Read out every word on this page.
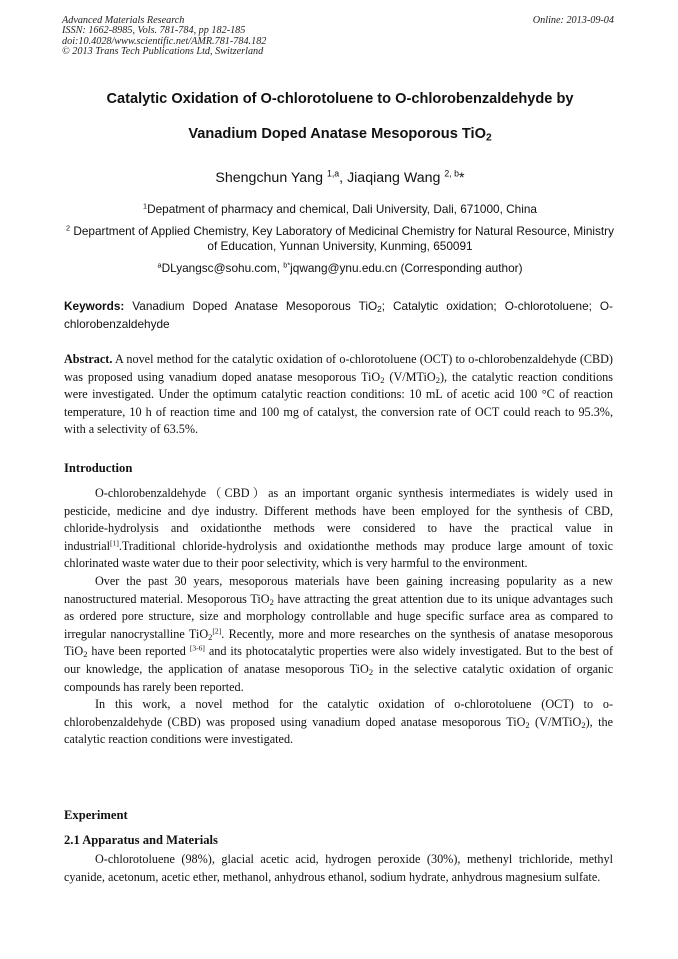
Advanced Materials Research
ISSN: 1662-8985, Vols. 781-784, pp 182-185
doi:10.4028/www.scientific.net/AMR.781-784.182
© 2013 Trans Tech Publications Ltd, Switzerland
Online: 2013-09-04
Catalytic Oxidation of O-chlorotoluene to O-chlorobenzaldehyde by
Vanadium Doped Anatase Mesoporous TiO$_2$
Shengchun Yang $^{1,a}$, Jiaqiang Wang $^{2, b}$*
$^1$Depatment of pharmacy and chemical, Dali University, Dali, 671000, China
$^2$ Department of Applied Chemistry, Key Laboratory of Medicinal Chemistry for Natural Resource, Ministry of Education, Yunnan University, Kunming, 650091
$^a$DLyangsc@sohu.com, $^{b*}$jqwang@ynu.edu.cn (Corresponding author)
Keywords: Vanadium Doped Anatase Mesoporous TiO$_2$; Catalytic oxidation; O-chlorotoluene; O-chlorobenzaldehyde
Abstract. A novel method for the catalytic oxidation of o-chlorotoluene (OCT) to o-chlorobenzaldehyde (CBD) was proposed using vanadium doped anatase mesoporous TiO$_2$ (V/MTiO$_2$), the catalytic reaction conditions were investigated. Under the optimum catalytic reaction conditions: 10 mL of acetic acid 100 °C of reaction temperature, 10 h of reaction time and 100 mg of catalyst, the conversion rate of OCT could reach to 95.3%, with a selectivity of 63.5%.
Introduction

O-chlorobenzaldehyde（CBD）as an important organic synthesis intermediates is widely used in pesticide, medicine and dye industry. Different methods have been employed for the synthesis of CBD, chloride-hydrolysis and oxidationthe methods were considered to have the practical value in industrial[1].Traditional chloride-hydrolysis and oxidationthe methods may produce large amount of toxic chlorinated waste water due to their poor selectivity, which is very harmful to the environment.

Over the past 30 years, mesoporous materials have been gaining increasing popularity as a new nanostructured material. Mesoporous TiO$_2$ have attracting the great attention due to its unique advantages such as ordered pore structure, size and morphology controllable and huge specific surface area as compared to irregular nanocrystalline TiO$_2$[2]. Recently, more and more researches on the synthesis of anatase mesoporous TiO$_2$ have been reported [3-6] and its photocatalytic properties were also widely investigated. But to the best of our knowledge, the application of anatase mesoporous TiO$_2$ in the selective catalytic oxidation of organic compounds has rarely been reported.

In this work, a novel method for the catalytic oxidation of o-chlorotoluene (OCT) to o-chlorobenzaldehyde (CBD) was proposed using vanadium doped anatase mesoporous TiO$_2$ (V/MTiO$_2$), the catalytic reaction conditions were investigated.

Experiment
2.1 Apparatus and Materials

O-chlorotoluene (98%), glacial acetic acid, hydrogen peroxide (30%), methenyl trichloride, methyl cyanide, acetonum, acetic ether, methanol, anhydrous ethanol, sodium hydrate, anhydrous magnesium sulfate.
